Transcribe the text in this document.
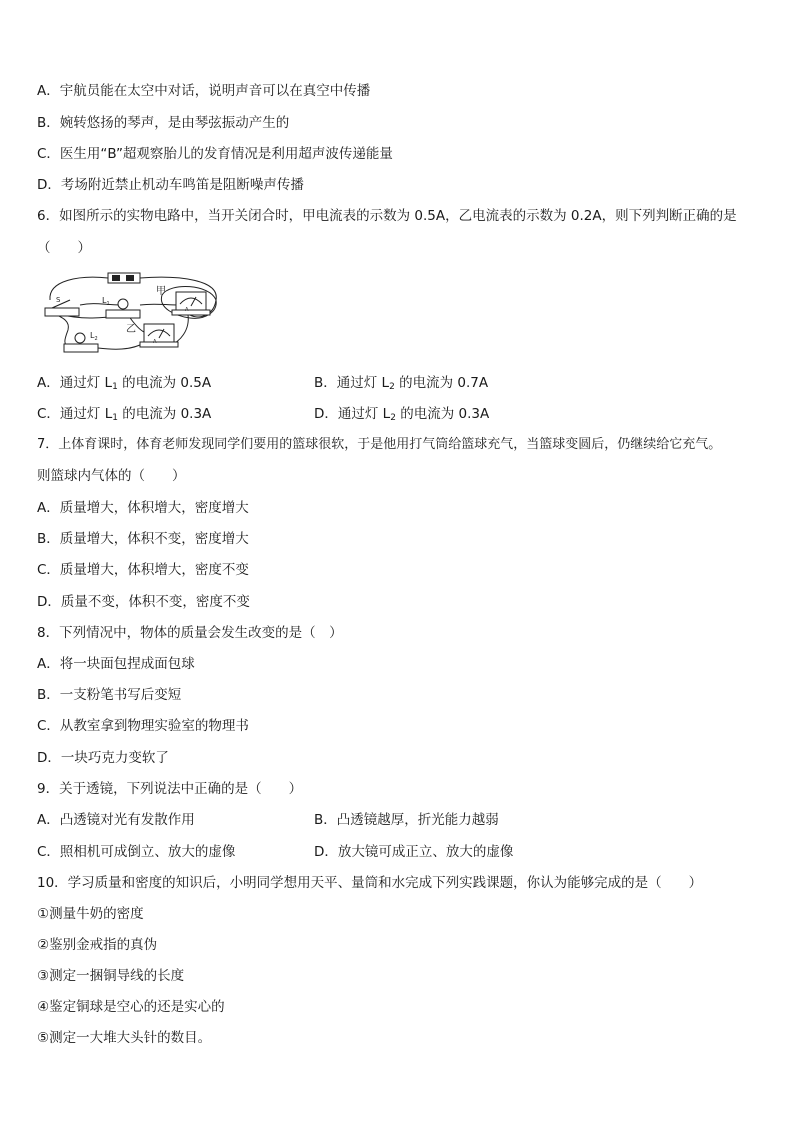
A．宇航员能在太空中对话，说明声音可以在真空中传播
B．婉转悠扬的琴声，是由琴弦振动产生的
C．医生用“B”超观察胎儿的发育情况是利用超声波传递能量
D．考场附近禁止机动车鸣笛是阻断噪声传播
6．如图所示的实物电路中，当开关闭合时，甲电流表的示数为 0.5A，乙电流表的示数为 0.2A，则下列判断正确的是
（　　）
S	$L_1$
A
甲
A
乙
$L_2$
A．通过灯 $L_1$ 的电流为 0.5A	B．通过灯 $L_2$ 的电流为 0.7A
C．通过灯 $L_1$ 的电流为 0.3A	D．通过灯 $L_2$ 的电流为 0.3A
7．上体育课时，体育老师发现同学们要用的篮球很软，于是他用打气筒给篮球充气，当篮球变圆后，仍继续给它充气。
则篮球内气体的（　　）
A．质量增大，体积增大，密度增大
B．质量增大，体积不变，密度增大
C．质量增大，体积增大，密度不变
D．质量不变，体积不变，密度不变
8．下列情况中，物体的质量会发生改变的是（　）
A．将一块面包捏成面包球
B．一支粉笔书写后变短
C．从教室拿到物理实验室的物理书
D．一块巧克力变软了
9．关于透镜，下列说法中正确的是（　　）
A．凸透镜对光有发散作用	B．凸透镜越厚，折光能力越弱
C．照相机可成倒立、放大的虚像	D．放大镜可成正立、放大的虚像
10．学习质量和密度的知识后，小明同学想用天平、量筒和水完成下列实践课题，你认为能够完成的是（　　）
①测量牛奶的密度
②鉴别金戒指的真伪
③测定一捆铜导线的长度
④鉴定铜球是空心的还是实心的
⑤测定一大堆大头针的数目。
